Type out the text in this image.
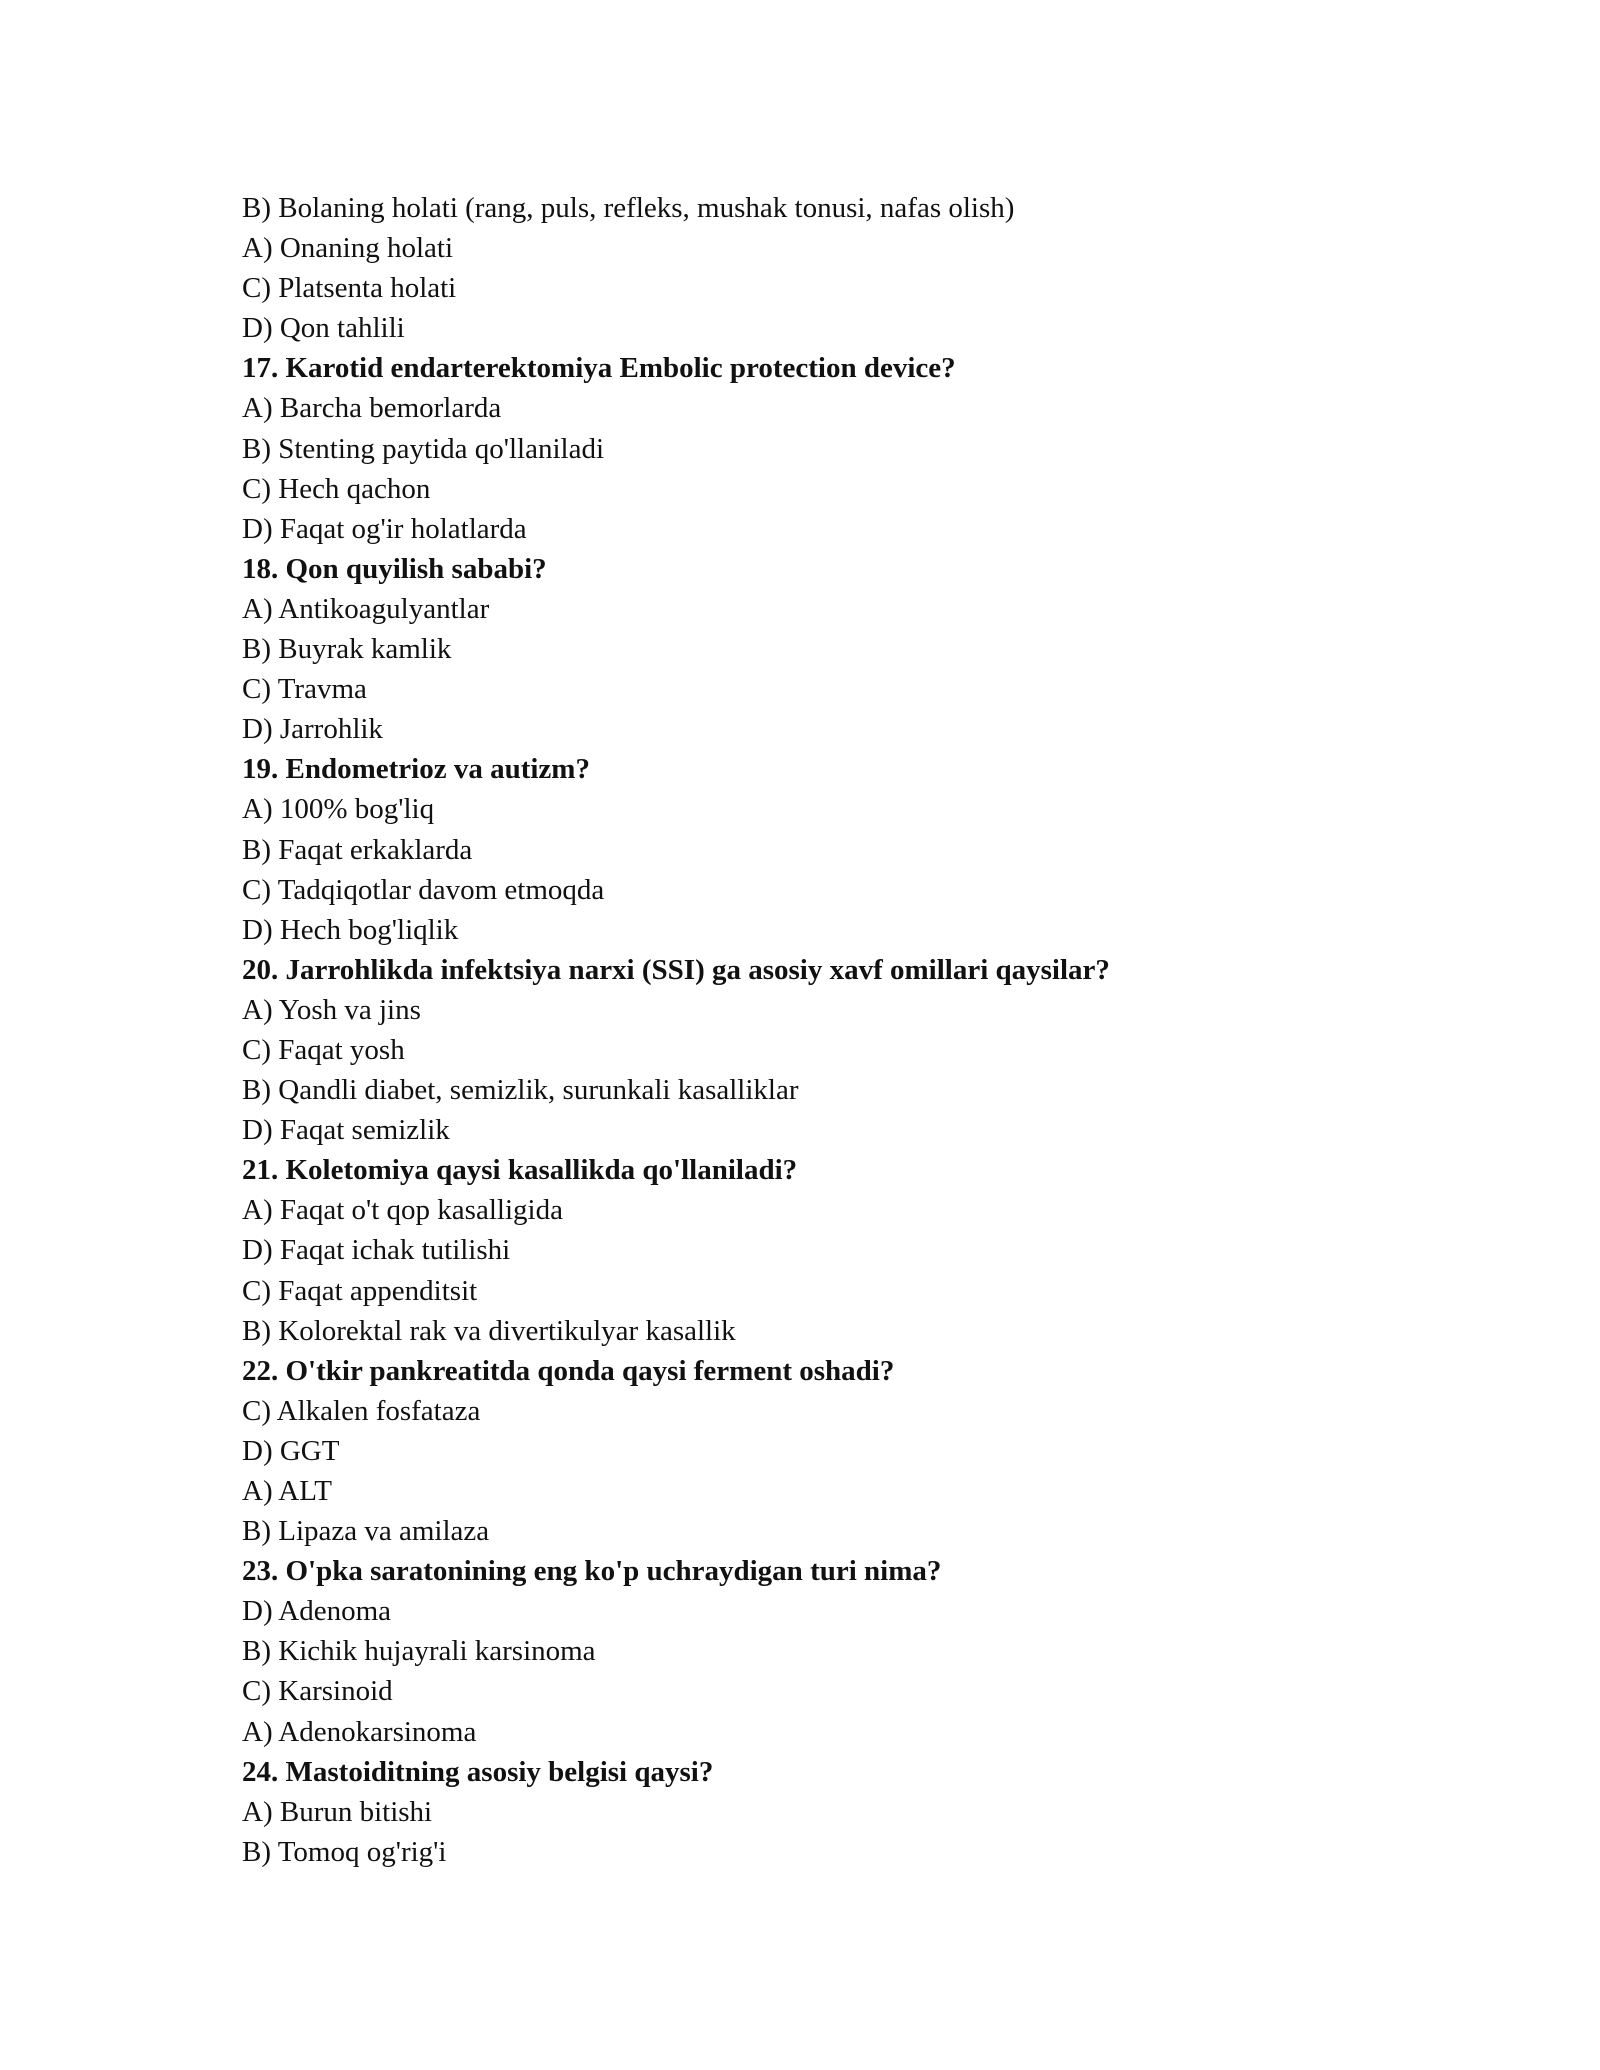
B) Bolaning holati (rang, puls, refleks, mushak tonusi, nafas olish)
A) Onaning holati
C) Platsenta holati
D) Qon tahlili
17. Karotid endarterektomiya Embolic protection device?
A) Barcha bemorlarda
B) Stenting paytida qo'llaniladi
C) Hech qachon
D) Faqat og'ir holatlarda
18. Qon quyilish sababi?
A) Antikoagulyantlar
B) Buyrak kamlik
C) Travma
D) Jarrohlik
19. Endometrioz va autizm?
A) 100% bog'liq
B) Faqat erkaklarda
C) Tadqiqotlar davom etmoqda
D) Hech bog'liqlik
20. Jarrohlikda infektsiya narxi (SSI) ga asosiy xavf omillari qaysilar?
A) Yosh va jins
C) Faqat yosh
B) Qandli diabet, semizlik, surunkali kasalliklar
D) Faqat semizlik
21. Koletomiya qaysi kasallikda qo'llaniladi?
A) Faqat o't qop kasalligida
D) Faqat ichak tutilishi
C) Faqat appenditsit
B) Kolorektal rak va divertikulyar kasallik
22. O'tkir pankreatitda qonda qaysi ferment oshadi?
C) Alkalen fosfataza
D) GGT
A) ALT
B) Lipaza va amilaza
23. O'pka saratonining eng ko'p uchraydigan turi nima?
D) Adenoma
B) Kichik hujayrali karsinoma
C) Karsinoid
A) Adenokarsinoma
24. Mastoiditning asosiy belgisi qaysi?
A) Burun bitishi
B) Tomoq og'rig'i
